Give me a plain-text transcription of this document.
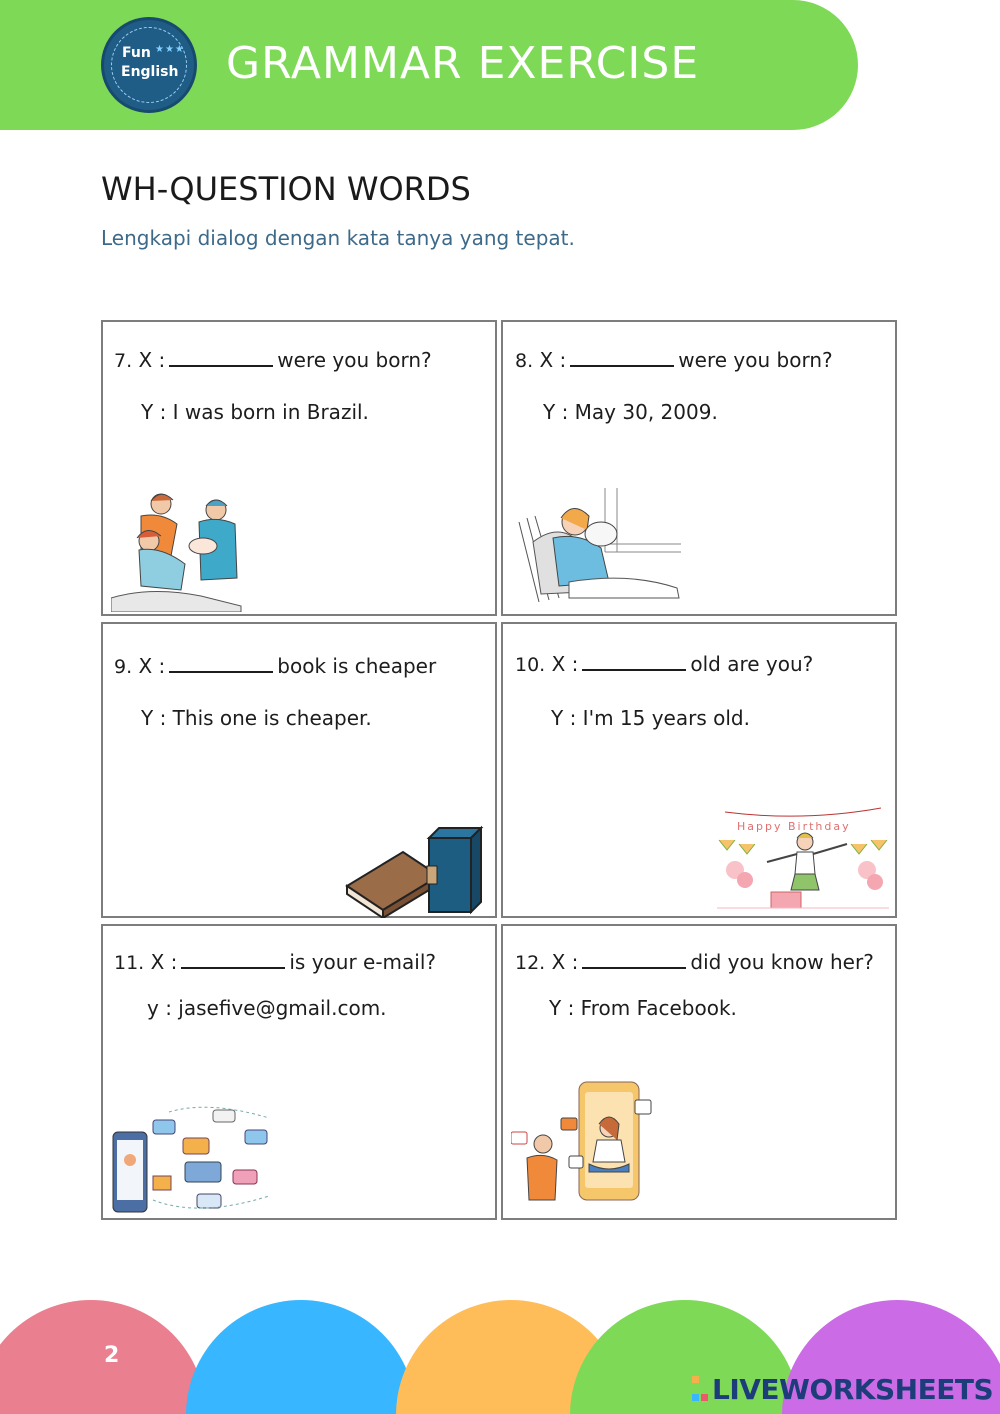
Fun ★★★
English GRAMMAR EXERCISE
WH-QUESTION WORDS
Lengkapi dialog dengan kata tanya yang tepat.
7. X :	were you born?
Y : I was born in Brazil.
8. X :	were you born?
Y : May 30, 2009.
9. X :	book is cheaper
Y : This one is cheaper.
10. X :	old are you?
Y : I'm 15 years old.
Happy Birthday
11. X :	is your e-mail?
y : jasefive@gmail.com.
12. X :	did you know her?
Y : From Facebook.
2
LIVEWORKSHEETS
